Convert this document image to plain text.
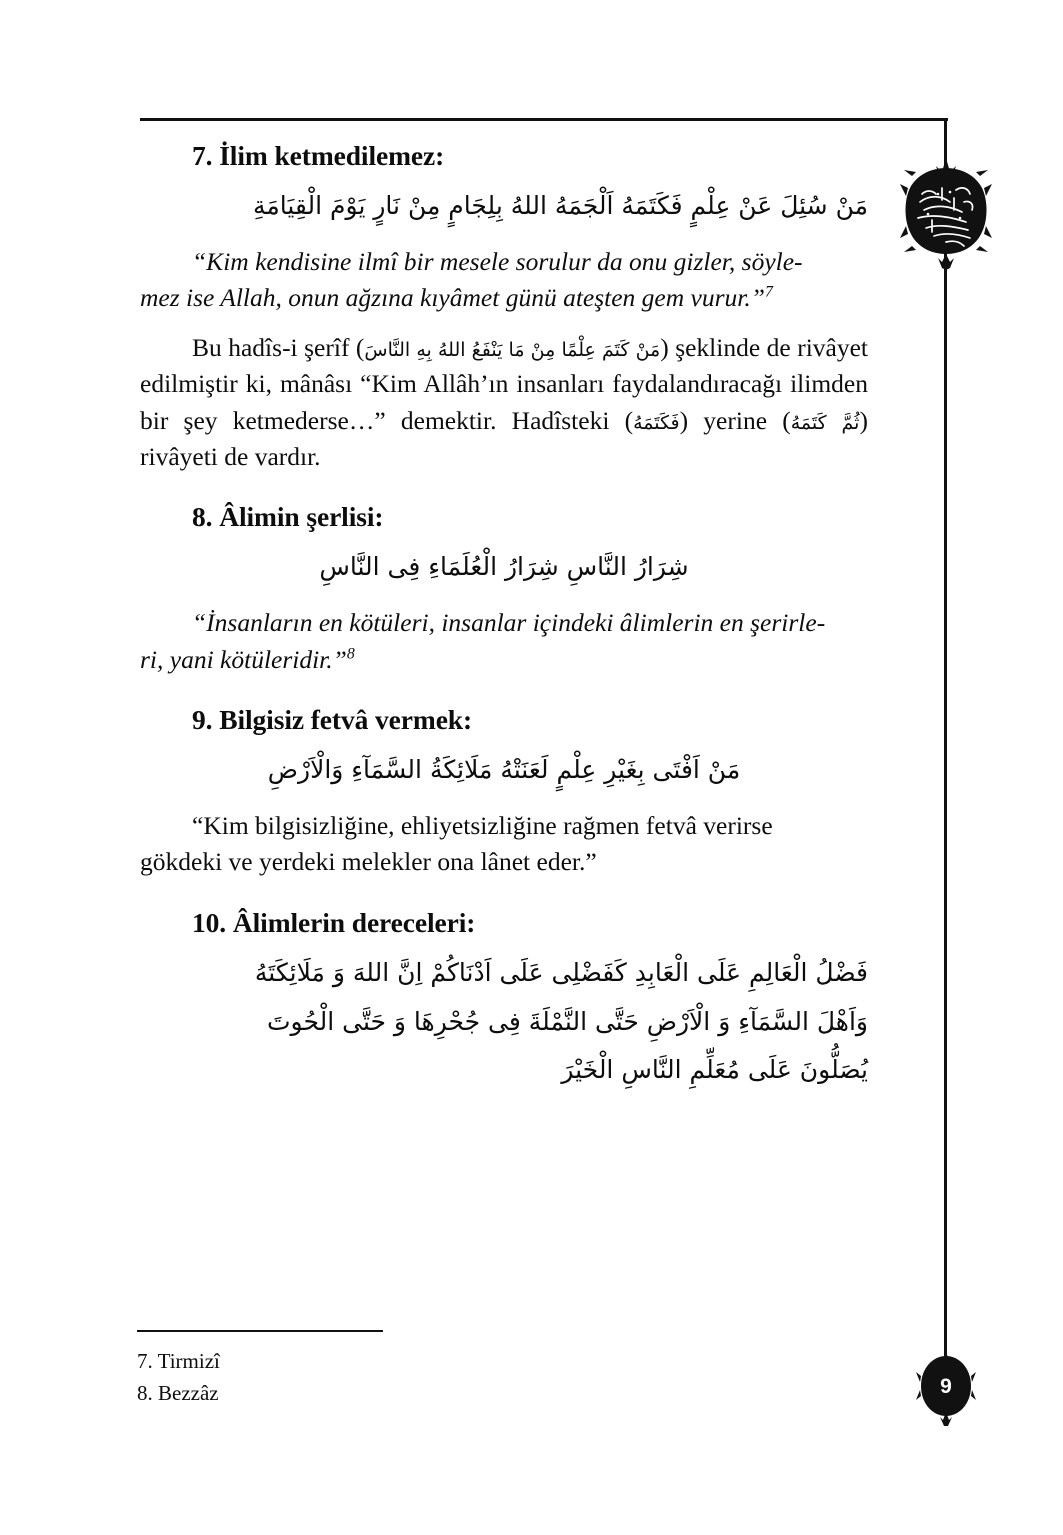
7. İlim ketmedilemez:

مَنْ سُئِلَ عَنْ عِلْمٍ فَكَتَمَهُ اَلْجَمَهُ اللهُ بِلِجَامٍ مِنْ نَارٍ يَوْمَ الْقِيَامَةِ

“Kim kendisine ilmî bir mesele sorulur da onu gizler, söyle-
mez ise Allah, onun ağzına kıyâmet günü ateşten gem vurur.”$^7$

Bu hadîs-i şerîf (مَنْ كَتَمَ عِلْمًا مِنْ مَا يَنْفَعُ اللهُ بِهِ النَّاسَ) şeklinde de rivâyet edilmiştir ki, mânâsı “Kim Allâh’ın insanları faydalandıracağı ilimden bir şey ketmederse…” demektir. Hadîsteki (فَكَتَمَهُ) yerine (ثُمَّ كَتَمَهُ) rivâyeti de vardır.

8. Âlimin şerlisi:

شِرَارُ النَّاسِ شِرَارُ الْعُلَمَاءِ فِى النَّاسِ

“İnsanların en kötüleri, insanlar içindeki âlimlerin en şerirle-
ri, yani kötüleridir.”$^8$

9. Bilgisiz fetvâ vermek:

مَنْ اَفْتَى بِغَيْرِ عِلْمٍ لَعَنَتْهُ مَلَائِكَةُ السَّمَآءِ وَالْاَرْضِ

“Kim bilgisizliğine, ehliyetsizliğine rağmen fetvâ verirse
gökdeki ve yerdeki melekler ona lânet eder.”

10. Âlimlerin dereceleri:

فَضْلُ الْعَالِمِ عَلَى الْعَابِدِ كَفَضْلِى عَلَى اَدْنَاكُمْ اِنَّ اللهَ وَ مَلَائِكَتَهُ

وَاَهْلَ السَّمَآءِ وَ الْاَرْضِ حَتَّى النَّمْلَةَ فِى جُحْرِهَا وَ حَتَّى الْحُوتَ

يُصَلُّونَ عَلَى مُعَلِّمِ النَّاسِ الْخَيْرَ

7. Tirmizî

8. Bezzâz	9
